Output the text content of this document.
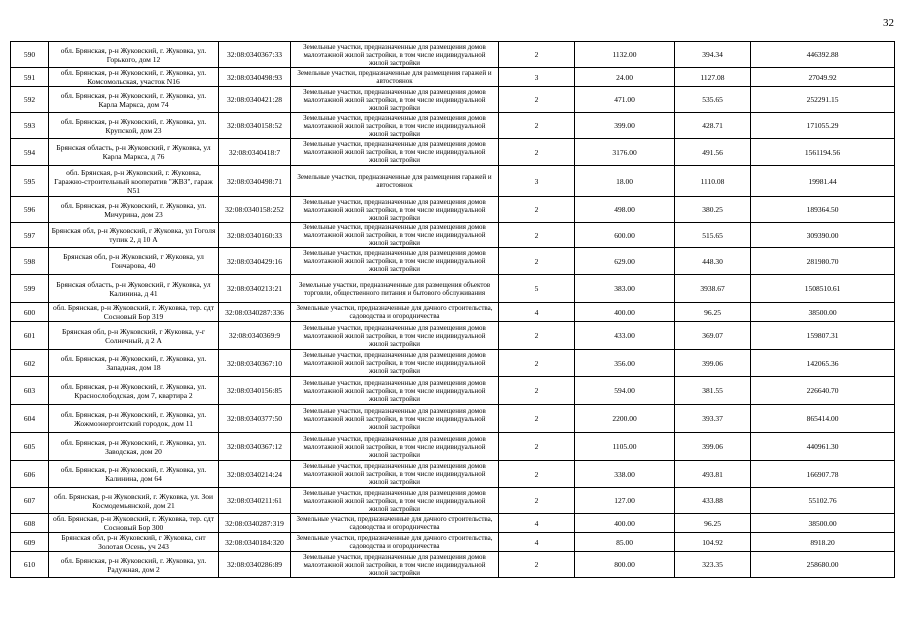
32
590	обл. Брянская, р-н Жуковский, г. Жуковка, ул. Горького, дом 12	32:08:0340367:33	Земельные участки, предназначенные для размещения домов малоэтажной жилой застройки, в том числе индивидуальной жилой застройки	2	1132.00	394.34	446392.88
591	обл. Брянская, р-н Жуковский, г. Жуковка, ул. Комсомольская, участок N16	32:08:0340498:93	Земельные участки, предназначенные для размещения гаражей и автостоянок	3	24.00	1127.08	27049.92
592	обл. Брянская, р-н Жуковский, г. Жуковка, ул. Карла Маркса, дом 74	32:08:0340421:28	Земельные участки, предназначенные для размещения домов малоэтажной жилой застройки, в том числе индивидуальной жилой застройки	2	471.00	535.65	252291.15
593	обл. Брянская, р-н Жуковский, г. Жуковка, ул. Крупской, дом 23	32:08:0340158:52	Земельные участки, предназначенные для размещения домов малоэтажной жилой застройки, в том числе индивидуальной жилой застройки	2	399.00	428.71	171055.29
594	Брянская область, р-н Жуковский, г Жуковка, ул Карла Маркса, д 76	32:08:0340418:7	Земельные участки, предназначенные для размещения домов малоэтажной жилой застройки, в том числе индивидуальной жилой застройки	2	3176.00	491.56	1561194.56
595	обл. Брянская, р-н Жуковский, г. Жуковка, Гаражно-строительный кооператив "ЖВЗ", гараж N51	32:08:0340498:71	Земельные участки, предназначенные для размещения гаражей и автостоянок	3	18.00	1110.08	19981.44
596	обл. Брянская, р-н Жуковский, г. Жуковка, ул. Мичурина, дом 23	32:08:0340158:252	Земельные участки, предназначенные для размещения домов малоэтажной жилой застройки, в том числе индивидуальной жилой застройки	2	498.00	380.25	189364.50
597	Брянская обл, р-н Жуковский, г Жуковка, ул Гоголя тупик 2, д 10 А	32:08:0340160:33	Земельные участки, предназначенные для размещения домов малоэтажной жилой застройки, в том числе индивидуальной жилой застройки	2	600.00	515.65	309390.00
598	Брянская обл, р-н Жуковский, г Жуковка, ул Гончарова, 40	32:08:0340429:16	Земельные участки, предназначенные для размещения домов малоэтажной жилой застройки, в том числе индивидуальной жилой застройки	2	629.00	448.30	281980.70
599	Брянская область, р-н Жуковский, г Жуковка, ул Калинина, д 41	32:08:0340213:21	Земельные участки, предназначенные для размещения объектов торговли, общественного питания и бытового обслуживания	5	383.00	3938.67	1508510.61
600	обл. Брянская, р-н Жуковский, г. Жуковка, тер. сдт Сосновый Бор 319	32:08:0340287:336	Земельные участки, предназначенные для дачного строительства, садоводства и огородничества	4	400.00	96.25	38500.00
601	Брянская обл, р-н Жуковский, г Жуковка, у-г Солнечный, д 2 А	32:08:0340369:9	Земельные участки, предназначенные для размещения домов малоэтажной жилой застройки, в том числе индивидуальной жилой застройки	2	433.00	369.07	159807.31
602	обл. Брянская, р-н Жуковский, г. Жуковка, ул. Западная, дом 18	32:08:0340367:10	Земельные участки, предназначенные для размещения домов малоэтажной жилой застройки, в том числе индивидуальной жилой застройки	2	356.00	399.06	142065.36
603	обл. Брянская, р-н Жуковский, г. Жуковка, ул. Краснослободская, дом 7, квартира 2	32:08:0340156:85	Земельные участки, предназначенные для размещения домов малоэтажной жилой застройки, в том числе индивидуальной жилой застройки	2	594.00	381.55	226640.70
604	обл. Брянская, р-н Жуковский, г. Жуковка, ул. Жожмоэнергоитский городок, дом 11	32:08:0340377:50	Земельные участки, предназначенные для размещения домов малоэтажной жилой застройки, в том числе индивидуальной жилой застройки	2	2200.00	393.37	865414.00
605	обл. Брянская, р-н Жуковский, г. Жуковка, ул. Заводская, дом 20	32:08:0340367:12	Земельные участки, предназначенные для размещения домов малоэтажной жилой застройки, в том числе индивидуальной жилой застройки	2	1105.00	399.06	440961.30
606	обл. Брянская, р-н Жуковский, г. Жуковка, ул. Калинина, дом 64	32:08:0340214:24	Земельные участки, предназначенные для размещения домов малоэтажной жилой застройки, в том числе индивидуальной жилой застройки	2	338.00	493.81	166907.78
607	обл. Брянская, р-н Жуковский, г. Жуковка, ул. Зои Космодемьянской, дом 21	32:08:0340211:61	Земельные участки, предназначенные для размещения домов малоэтажной жилой застройки, в том числе индивидуальной жилой застройки	2	127.00	433.88	55102.76
608	обл. Брянская, р-н Жуковский, г. Жуковка, тер. сдт Сосновый Бор 300	32:08:0340287:319	Земельные участки, предназначенные для дачного строительства, садоводства и огородничества	4	400.00	96.25	38500.00
609	Брянская обл, р-н Жуковский, г Жуковка, снт Золотая Осень, уч 243	32:08:0340184:320	Земельные участки, предназначенные для дачного строительства, садоводства и огородничества	4	85.00	104.92	8918.20
610	обл. Брянская, р-н Жуковский, г. Жуковка, ул. Радужная, дом 2	32:08:0340286:89	Земельные участки, предназначенные для размещения домов малоэтажной жилой застройки, в том числе индивидуальной жилой застройки	2	800.00	323.35	258680.00
